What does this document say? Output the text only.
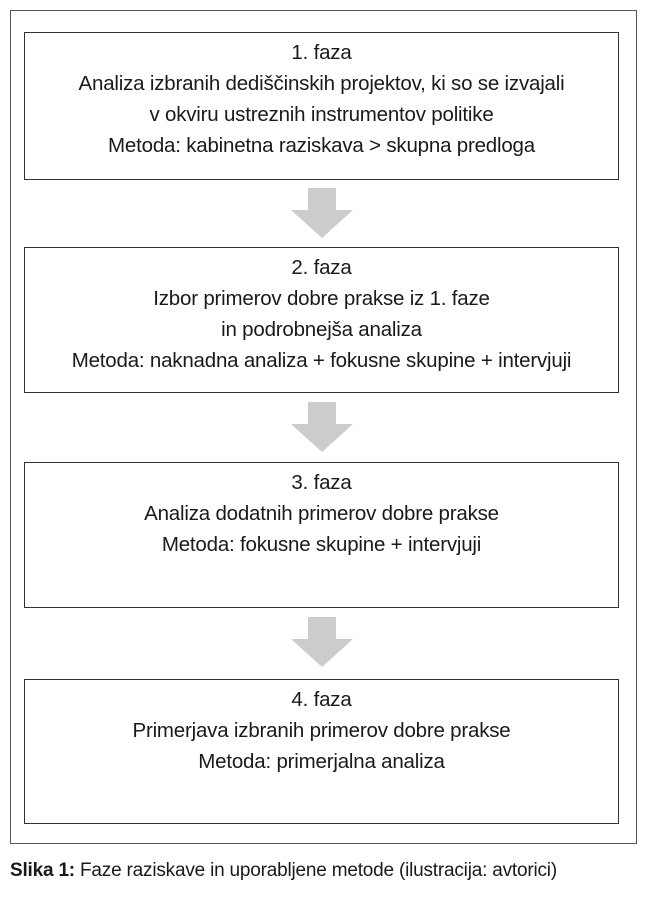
1. faza
Analiza izbranih dediščinskih projektov, ki so se izvajali
v okviru ustreznih instrumentov politike
Metoda: kabinetna raziskava > skupna predloga
2. faza
Izbor primerov dobre prakse iz 1. faze
in podrobnejša analiza
Metoda: naknadna analiza + fokusne skupine + intervjuji
3. faza
Analiza dodatnih primerov dobre prakse
Metoda: fokusne skupine + intervjuji
4. faza
Primerjava izbranih primerov dobre prakse
Metoda: primerjalna analiza
Slika 1: Faze raziskave in uporabljene metode (ilustracija: avtorici)
